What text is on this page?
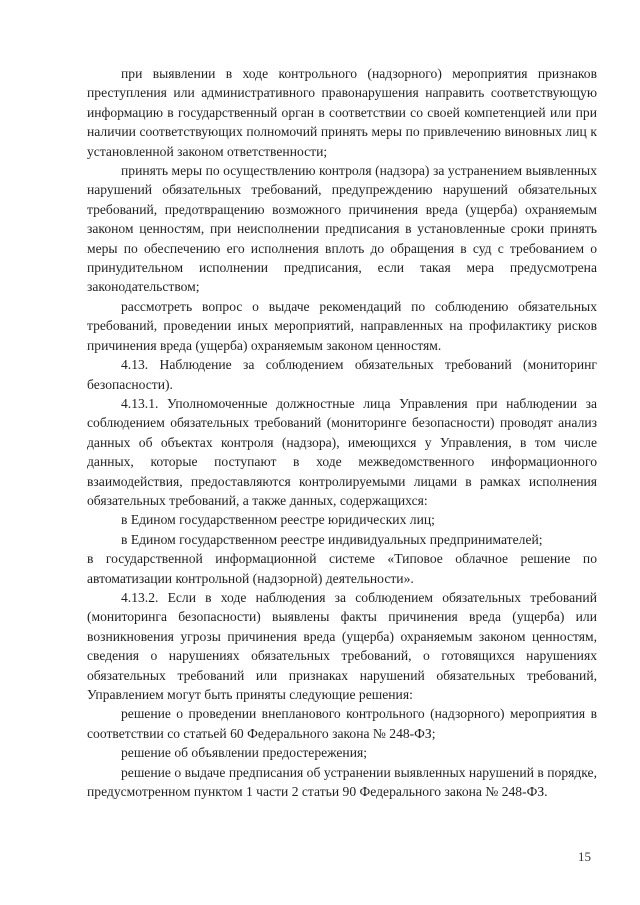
при выявлении в ходе контрольного (надзорного) мероприятия признаков преступления или административного правонарушения направить соответствующую информацию в государственный орган в соответствии со своей компетенцией или при наличии соответствующих полномочий принять меры по привлечению виновных лиц к установленной законом ответственности;

принять меры по осуществлению контроля (надзора) за устранением выявленных нарушений обязательных требований, предупреждению нарушений обязательных требований, предотвращению возможного причинения вреда (ущерба) охраняемым законом ценностям, при неисполнении предписания в установленные сроки принять меры по обеспечению его исполнения вплоть до обращения в суд с требованием о принудительном исполнении предписания, если такая мера предусмотрена законодательством;

рассмотреть вопрос о выдаче рекомендаций по соблюдению обязательных требований, проведении иных мероприятий, направленных на профилактику рисков причинения вреда (ущерба) охраняемым законом ценностям.

4.13. Наблюдение за соблюдением обязательных требований (мониторинг безопасности).

4.13.1. Уполномоченные должностные лица Управления при наблюдении за соблюдением обязательных требований (мониторинге безопасности) проводят анализ данных об объектах контроля (надзора), имеющихся у Управления, в том числе данных, которые поступают в ходе межведомственного информационного взаимодействия, предоставляются контролируемыми лицами в рамках исполнения обязательных требований, а также данных, содержащихся:

в Едином государственном реестре юридических лиц;

в Едином государственном реестре индивидуальных предпринимателей;

в государственной информационной системе «Типовое облачное решение по автоматизации контрольной (надзорной) деятельности».

4.13.2. Если в ходе наблюдения за соблюдением обязательных требований (мониторинга безопасности) выявлены факты причинения вреда (ущерба) или возникновения угрозы причинения вреда (ущерба) охраняемым законом ценностям, сведения о нарушениях обязательных требований, о готовящихся нарушениях обязательных требований или признаках нарушений обязательных требований, Управлением могут быть приняты следующие решения:

решение о проведении внепланового контрольного (надзорного) мероприятия в соответствии со статьей 60 Федерального закона № 248-ФЗ;

решение об объявлении предостережения;

решение о выдаче предписания об устранении выявленных нарушений в порядке, предусмотренном пунктом 1 части 2 статьи 90 Федерального закона № 248-ФЗ.

15
